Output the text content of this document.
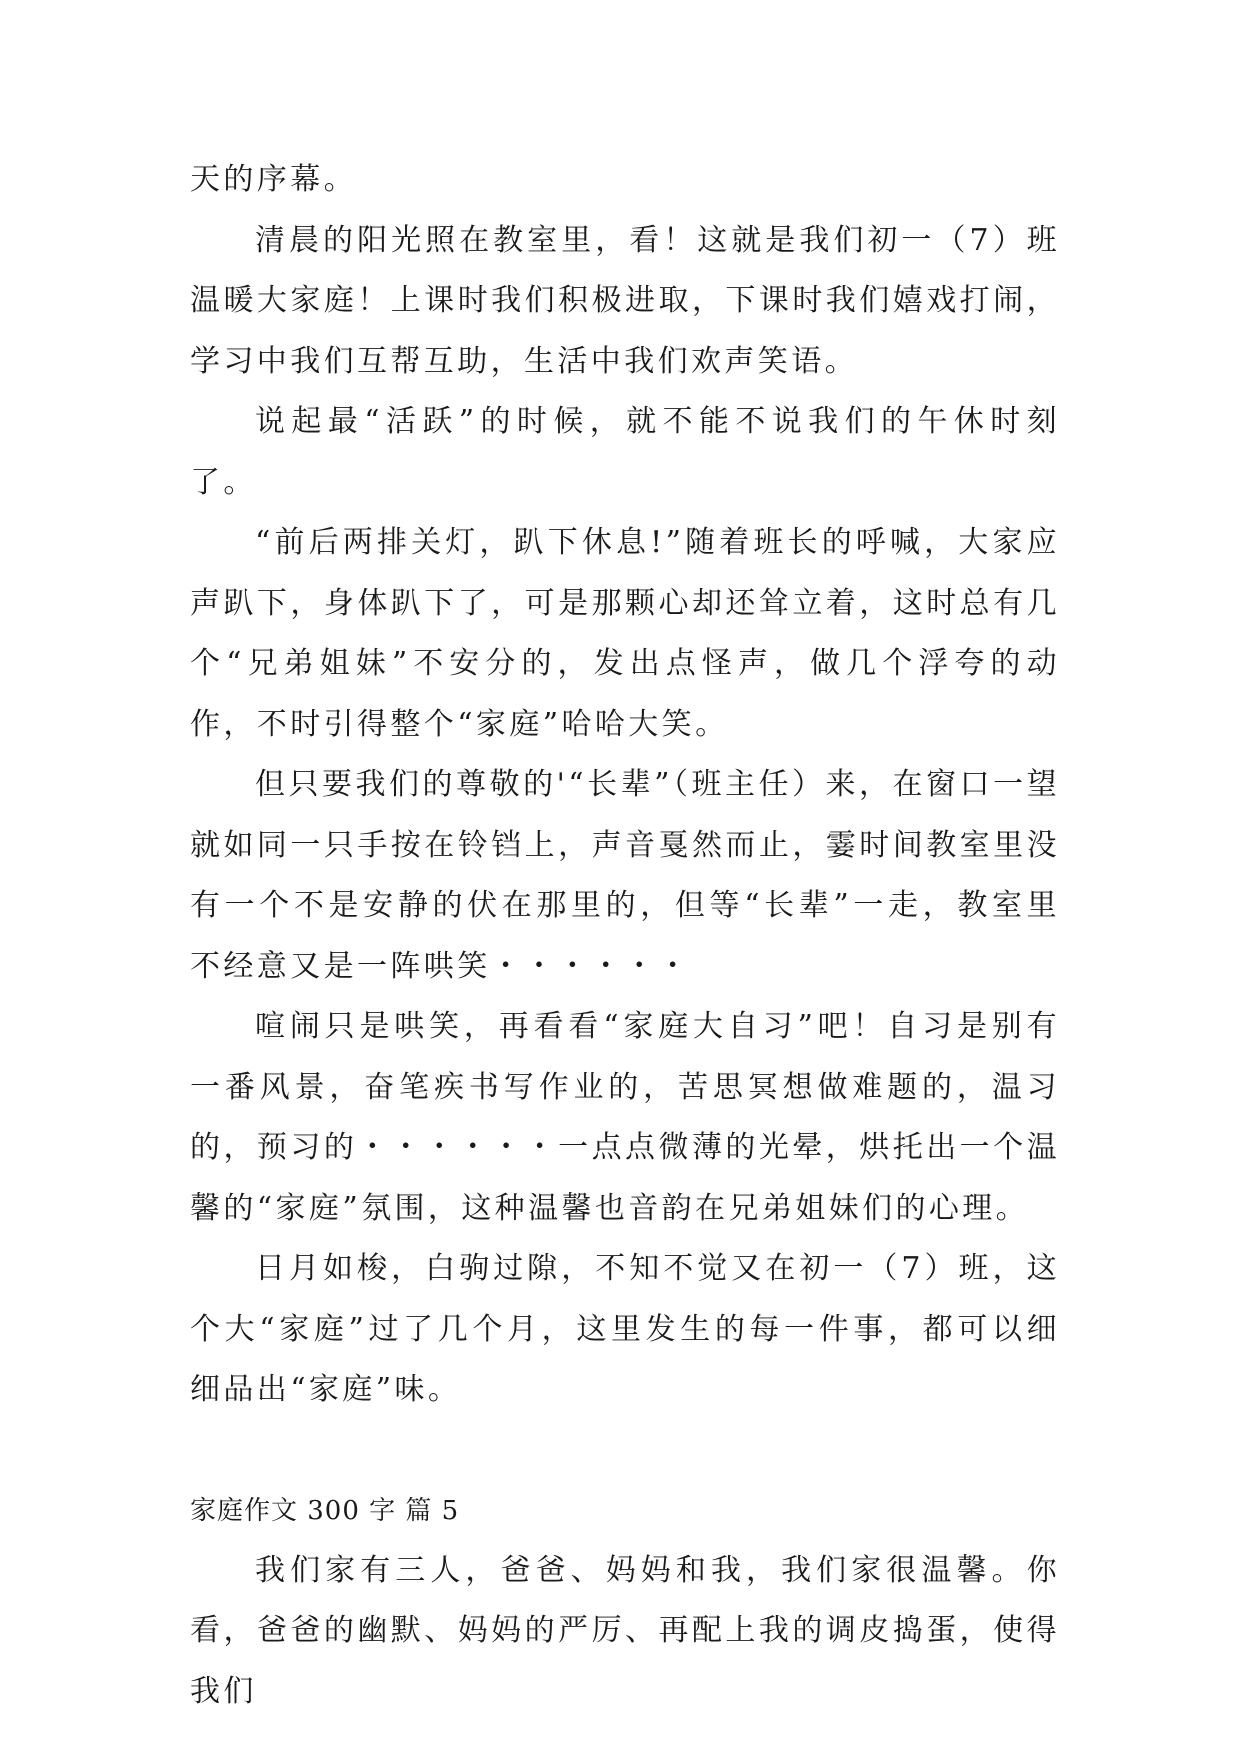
天的序幕。

清晨的阳光照在教室里，看！这就是我们初一（7）班温暖大家庭！上课时我们积极进取，下课时我们嬉戏打闹，学习中我们互帮互助，生活中我们欢声笑语。

说起最“活跃”的时候，就不能不说我们的午休时刻了。

“前后两排关灯，趴下休息!”随着班长的呼喊，大家应声趴下，身体趴下了，可是那颗心却还耸立着，这时总有几个“兄弟姐妹”不安分的，发出点怪声，做几个浮夸的动作，不时引得整个“家庭”哈哈大笑。

但只要我们的尊敬的'“长辈”（班主任）来，在窗口一望就如同一只手按在铃铛上，声音戛然而止，霎时间教室里没有一个不是安静的伏在那里的，但等“长辈”一走，教室里不经意又是一阵哄笑・・・・・・

喧闹只是哄笑，再看看“家庭大自习”吧！自习是别有一番风景，奋笔疾书写作业的，苦思冥想做难题的，温习的，预习的・・・・・・一点点微薄的光晕，烘托出一个温馨的“家庭”氛围，这种温馨也音韵在兄弟姐妹们的心理。

日月如梭，白驹过隙，不知不觉又在初一（7）班，这个大“家庭”过了几个月，这里发生的每一件事，都可以细细品出“家庭”味。

家庭作文 300 字 篇 5

我们家有三人，爸爸、妈妈和我，我们家很温馨。你看，爸爸的幽默、妈妈的严厉、再配上我的调皮捣蛋，使得我们
